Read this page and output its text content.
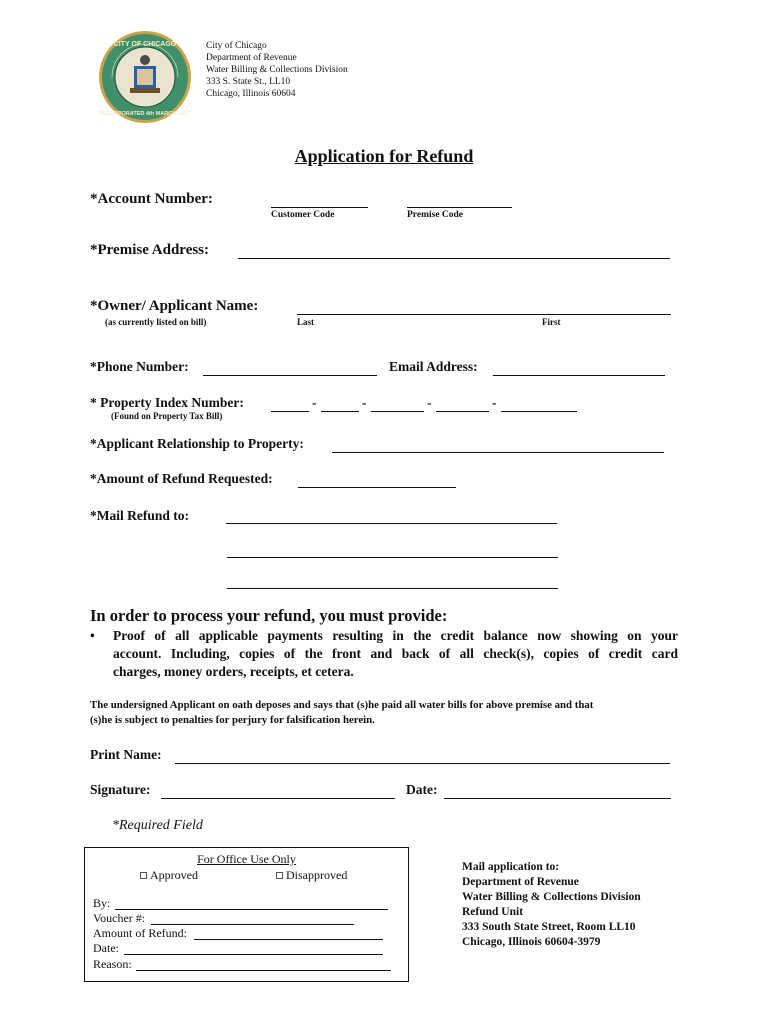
CITY OF CHICAGO
INCORPORATED 4th MARCH 1837
City of Chicago
Department of Revenue
Water Billing & Collections Division
333 S. State St., LL10
Chicago, Illinois 60604
Application for Refund
*Account Number:
Customer Code	Premise Code
*Premise Address:
*Owner/ Applicant Name:
(as currently listed on bill)	Last	First
*Phone Number:	Email Address:
* Property Index Number:	-	-	-	-
(Found on Property Tax Bill)
*Applicant Relationship to Property:
*Amount of Refund Requested:
*Mail Refund to:
In order to process your refund, you must provide:
• Proof of all applicable payments resulting in the credit balance now showing on your
account. Including, copies of the front and back of all check(s), copies of credit card
charges, money orders, receipts, et cetera.
The undersigned Applicant on oath deposes and says that (s)he paid all water bills for above premise and that
(s)he is subject to penalties for perjury for falsification herein.
Print Name:
Signature:	Date:
*Required Field
For Office Use Only
Approved	Disapproved
By:
Voucher #:
Amount of Refund:
Date:
Reason:
Mail application to:
Department of Revenue
Water Billing & Collections Division
Refund Unit
333 South State Street, Room LL10
Chicago, Illinois 60604-3979
